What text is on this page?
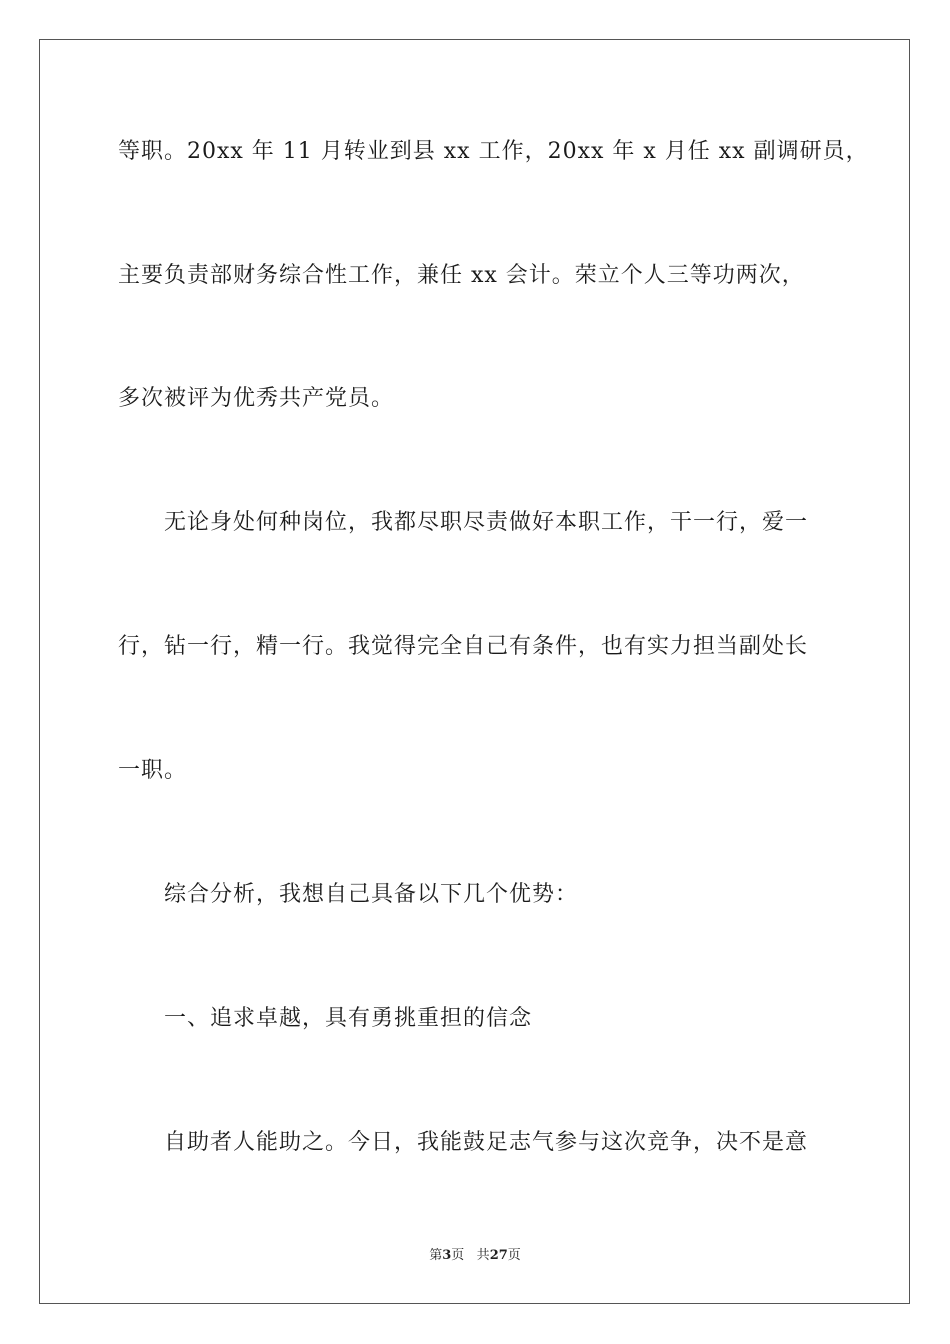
等职。20xx 年 11 月转业到县 xx 工作，20xx 年 x 月任 xx 副调研员，
主要负责部财务综合性工作，兼任 xx 会计。荣立个人三等功两次，
多次被评为优秀共产党员。
无论身处何种岗位，我都尽职尽责做好本职工作，干一行，爱一
行，钻一行，精一行。我觉得完全自己有条件，也有实力担当副处长
一职。
综合分析，我想自己具备以下几个优势：
一、追求卓越，具有勇挑重担的信念
自助者人能助之。今日，我能鼓足志气参与这次竞争，决不是意
第3页 共27页
